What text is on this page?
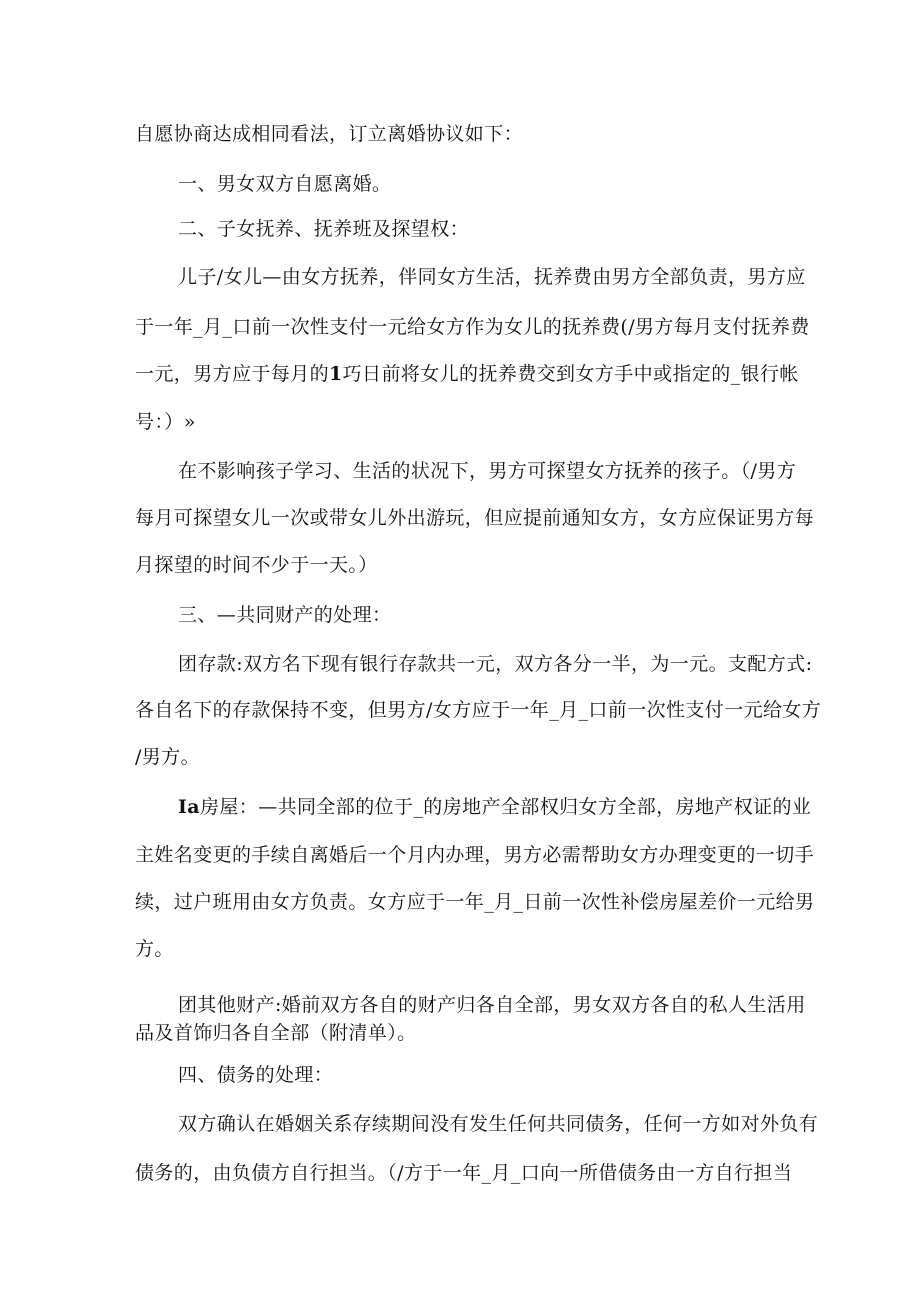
自愿协商达成相同看法，订立离婚协议如下：
一、男女双方自愿离婚。
二、子女抚养、抚养班及探望权：
儿子/女儿—由女方抚养，伴同女方生活，抚养费由男方全部负责，男方应
于一年_月_口前一次性支付一元给女方作为女儿的抚养费(/男方每月支付抚养费
一元，男方应于每月的1巧日前将女儿的抚养费交到女方手中或指定的_银行帐
号：）»
在不影响孩子学习、生活的状况下，男方可探望女方抚养的孩子。（/男方
每月可探望女儿一次或带女儿外出游玩，但应提前通知女方，女方应保证男方每
月探望的时间不少于一天。）
三、—共同财产的处理：
团存款:双方名下现有银行存款共一元，双方各分一半，为一元。支配方式:
各自名下的存款保持不变，但男方/女方应于一年_月_口前一次性支付一元给女方
/男方。
Ia房屋：—共同全部的位于_的房地产全部权归女方全部，房地产权证的业
主姓名变更的手续自离婚后一个月内办理，男方必需帮助女方办理变更的一切手
续，过户班用由女方负责。女方应于一年_月_日前一次性补偿房屋差价一元给男
方。
团其他财产:婚前双方各自的财产归各自全部，男女双方各自的私人生活用
品及首饰归各自全部（附清单）。
四、债务的处理：
双方确认在婚姻关系存续期间没有发生任何共同债务，任何一方如对外负有
债务的，由负债方自行担当。（/方于一年_月_口向一所借债务由一方自行担当
